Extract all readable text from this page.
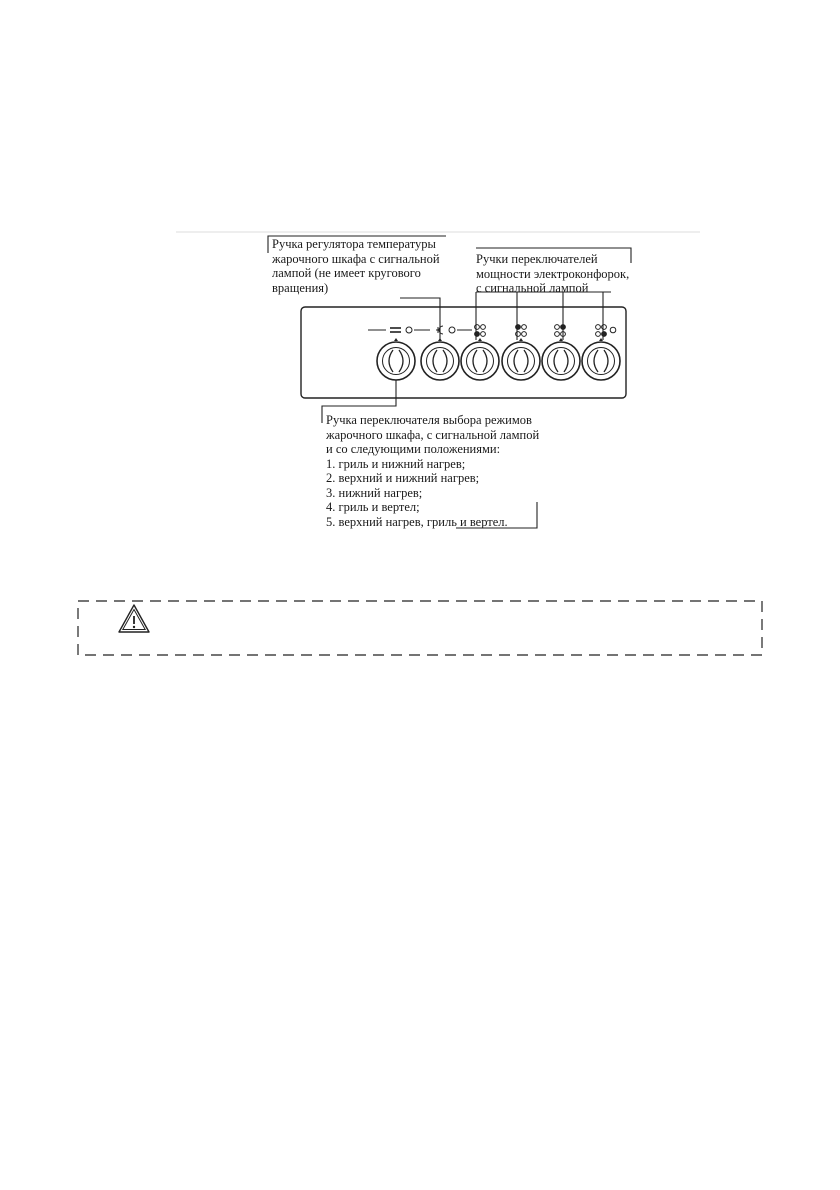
Ручка регулятора температуры
жарочного шкафа с сигнальной
лампой (не имеет кругового
вращения)
Ручки переключателей
мощности электроконфорок,
с сигнальной лампой
Ручка переключателя выбора режимов
жарочного шкафа, с сигнальной лампой
и со следующими положениями:
1. гриль и нижний нагрев;
2. верхний и нижний нагрев;
3. нижний нагрев;
4. гриль и вертел;
5. верхний нагрев, гриль и вертел.
